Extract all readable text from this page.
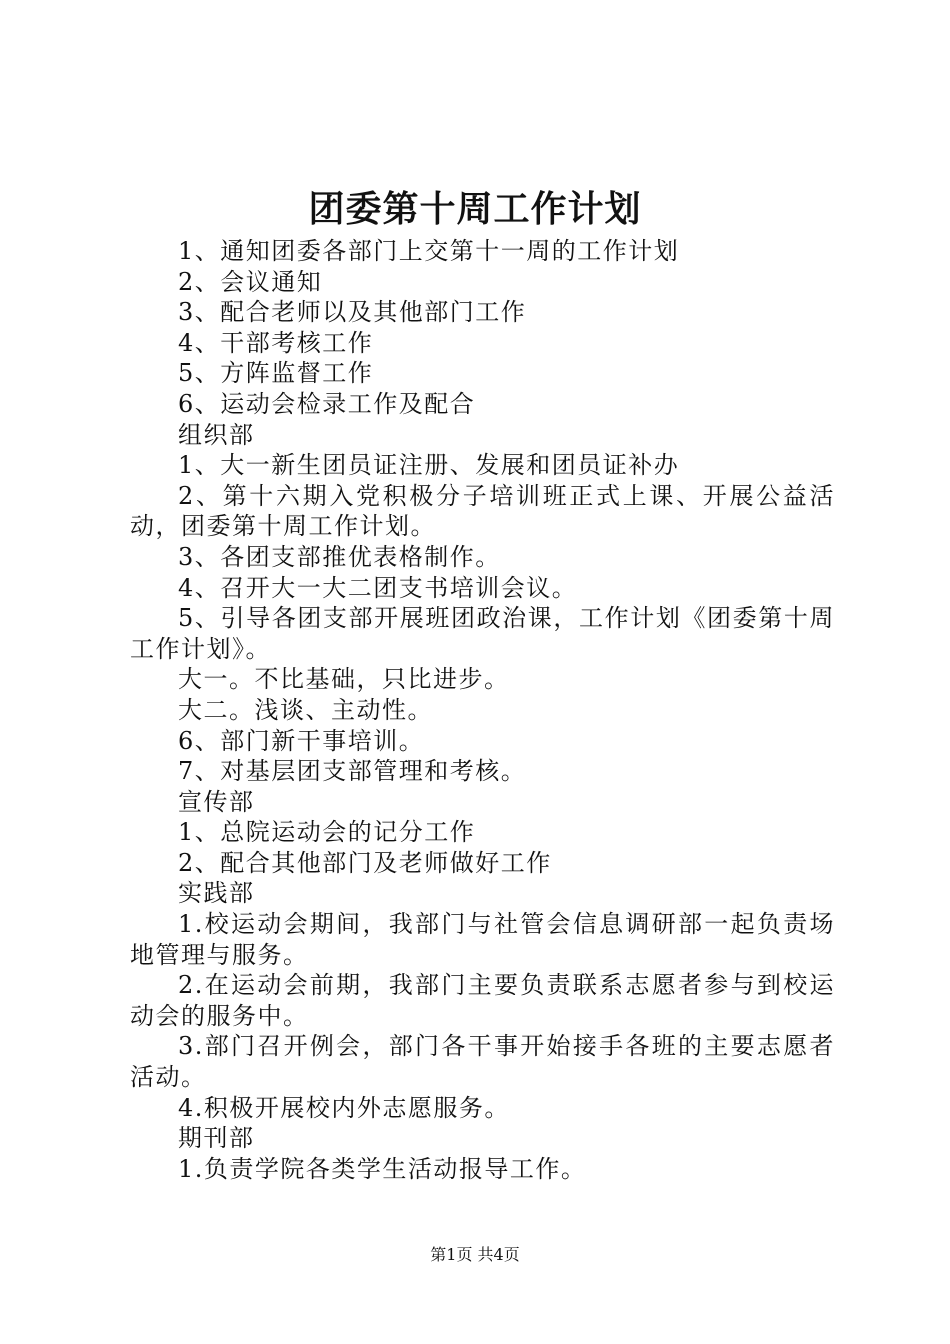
团委第十周工作计划

1、通知团委各部门上交第十一周的工作计划

2、会议通知

3、配合老师以及其他部门工作

4、干部考核工作

5、方阵监督工作

6、运动会检录工作及配合

组织部

1、大一新生团员证注册、发展和团员证补办

2、第十六期入党积极分子培训班正式上课、开展公益活动，团委第十周工作计划。

3、各团支部推优表格制作。

4、召开大一大二团支书培训会议。

5、引导各团支部开展班团政治课，工作计划《团委第十周工作计划》。

大一。不比基础，只比进步。

大二。浅谈、主动性。

6、部门新干事培训。

7、对基层团支部管理和考核。

宣传部

1、总院运动会的记分工作

2、配合其他部门及老师做好工作

实践部

1.校运动会期间，我部门与社管会信息调研部一起负责场地管理与服务。

2.在运动会前期，我部门主要负责联系志愿者参与到校运动会的服务中。

3.部门召开例会，部门各干事开始接手各班的主要志愿者活动。

4.积极开展校内外志愿服务。

期刊部

1.负责学院各类学生活动报导工作。

第1页 共4页
